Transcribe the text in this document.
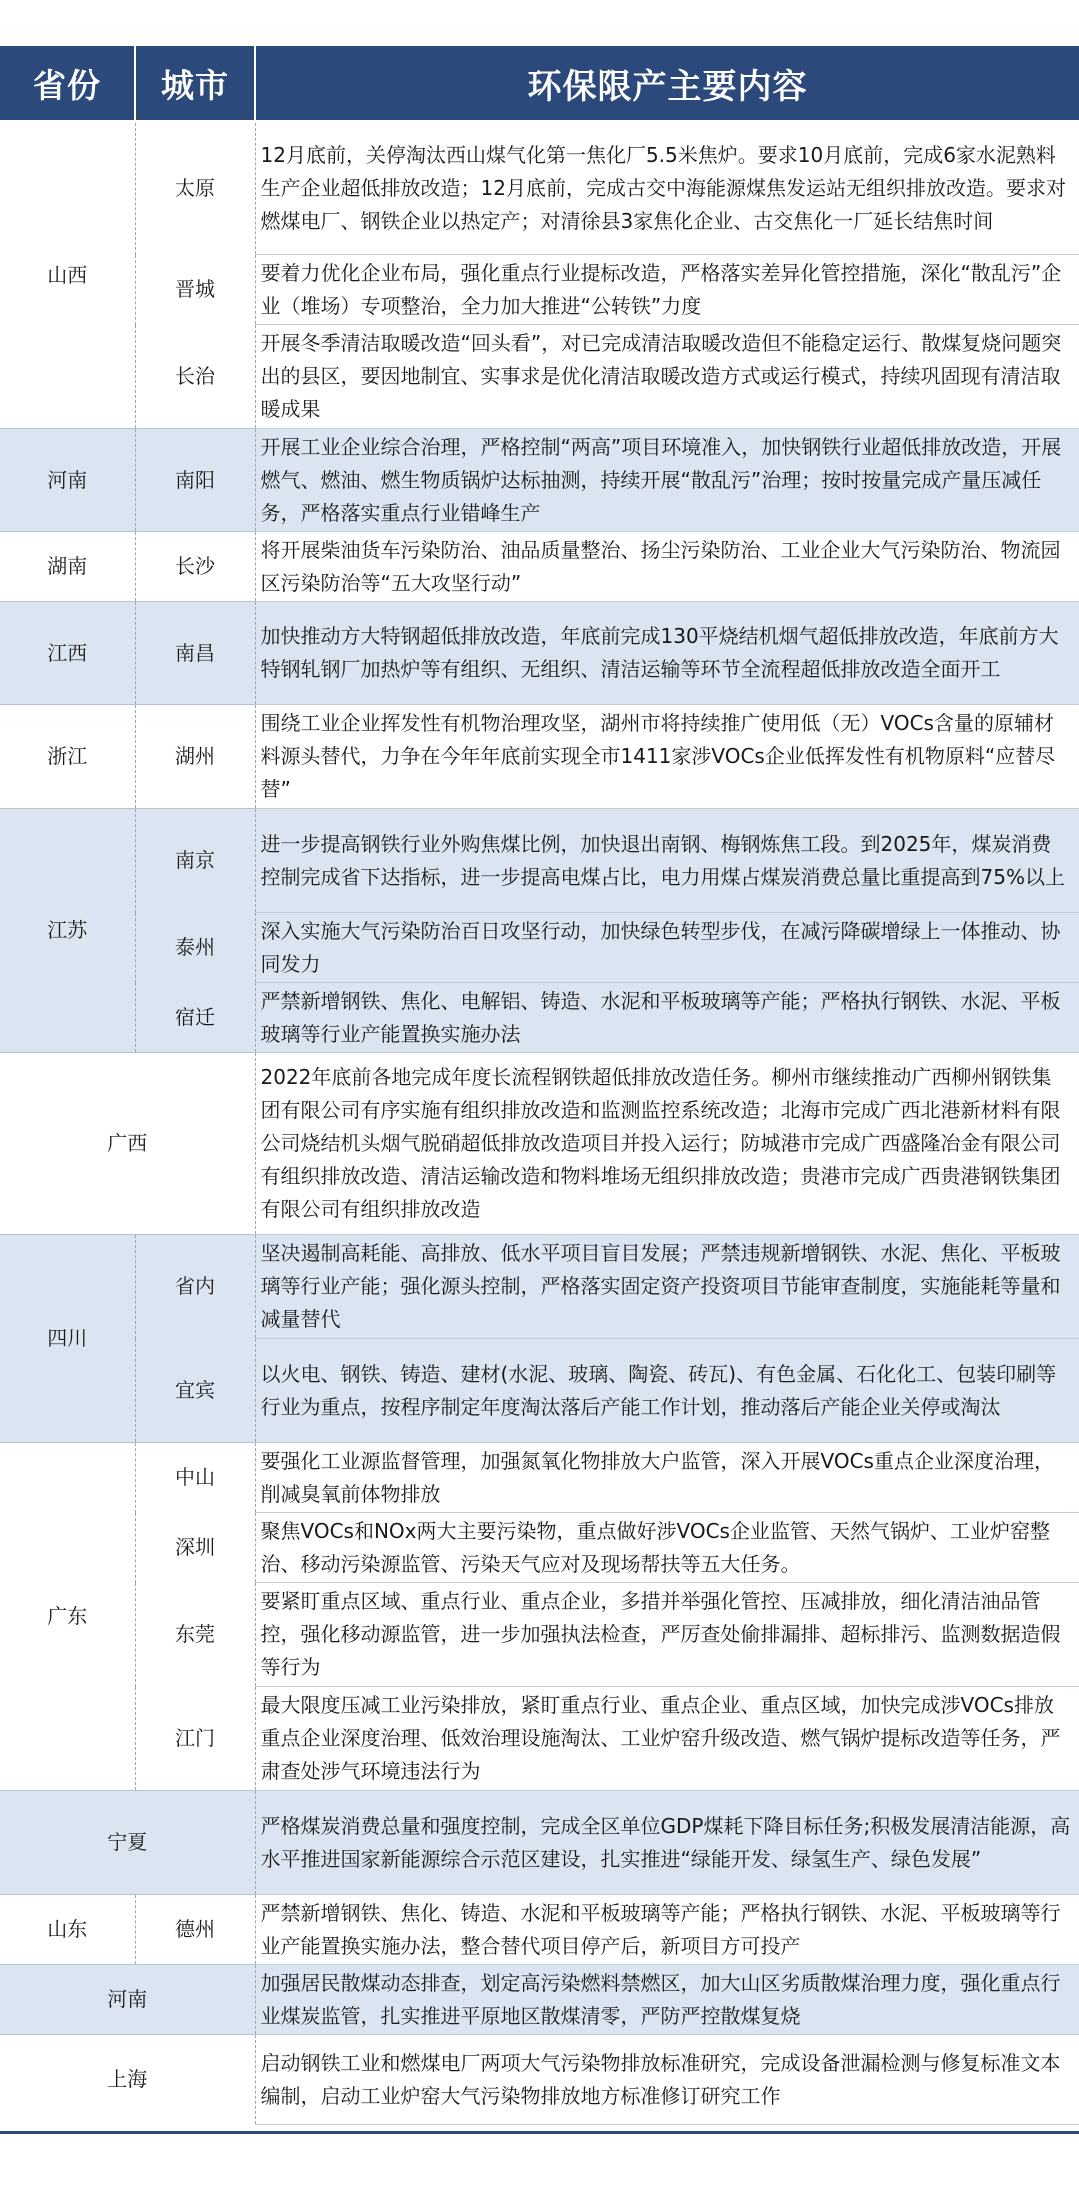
省份	城市	环保限产主要内容
山西	太原	12月底前，关停淘汰西山煤气化第一焦化厂5.5米焦炉。要求10月底前，完成6家水泥熟料生产企业超低排放改造；12月底前，完成古交中海能源煤焦发运站无组织排放改造。要求对燃煤电厂、钢铁企业以热定产；对清徐县3家焦化企业、古交焦化一厂延长结焦时间
	晋城	要着力优化企业布局，强化重点行业提标改造，严格落实差异化管控措施，深化“散乱污”企业（堆场）专项整治，全力加大推进“公转铁”力度
	长治	开展冬季清洁取暖改造“回头看”，对已完成清洁取暖改造但不能稳定运行、散煤复烧问题突出的县区，要因地制宜、实事求是优化清洁取暖改造方式或运行模式，持续巩固现有清洁取暖成果
河南	南阳	开展工业企业综合治理，严格控制“两高”项目环境准入，加快钢铁行业超低排放改造，开展燃气、燃油、燃生物质锅炉达标抽测，持续开展“散乱污”治理；按时按量完成产量压减任务，严格落实重点行业错峰生产
湖南	长沙	将开展柴油货车污染防治、油品质量整治、扬尘污染防治、工业企业大气污染防治、物流园区污染防治等“五大攻坚行动”
江西	南昌	加快推动方大特钢超低排放改造，年底前完成130平烧结机烟气超低排放改造，年底前方大特钢轧钢厂加热炉等有组织、无组织、清洁运输等环节全流程超低排放改造全面开工
浙江	湖州	围绕工业企业挥发性有机物治理攻坚，湖州市将持续推广使用低（无）VOCs含量的原辅材料源头替代，力争在今年年底前实现全市1411家涉VOCs企业低挥发性有机物原料“应替尽替”
江苏	南京	进一步提高钢铁行业外购焦煤比例，加快退出南钢、梅钢炼焦工段。到2025年，煤炭消费控制完成省下达指标，进一步提高电煤占比，电力用煤占煤炭消费总量比重提高到75%以上
	泰州	深入实施大气污染防治百日攻坚行动，加快绿色转型步伐，在减污降碳增绿上一体推动、协同发力
	宿迁	严禁新增钢铁、焦化、电解铝、铸造、水泥和平板玻璃等产能；严格执行钢铁、水泥、平板玻璃等行业产能置换实施办法
广西		2022年底前各地完成年度长流程钢铁超低排放改造任务。柳州市继续推动广西柳州钢铁集团有限公司有序实施有组织排放改造和监测监控系统改造；北海市完成广西北港新材料有限公司烧结机头烟气脱硝超低排放改造项目并投入运行；防城港市完成广西盛隆冶金有限公司有组织排放改造、清洁运输改造和物料堆场无组织排放改造；贵港市完成广西贵港钢铁集团有限公司有组织排放改造
四川	省内	坚决遏制高耗能、高排放、低水平项目盲目发展；严禁违规新增钢铁、水泥、焦化、平板玻璃等行业产能；强化源头控制，严格落实固定资产投资项目节能审查制度，实施能耗等量和减量替代
	宜宾	以火电、钢铁、铸造、建材(水泥、玻璃、陶瓷、砖瓦)、有色金属、石化化工、包装印刷等行业为重点，按程序制定年度淘汰落后产能工作计划，推动落后产能企业关停或淘汰
广东	中山	要强化工业源监督管理，加强氮氧化物排放大户监管，深入开展VOCs重点企业深度治理，削减臭氧前体物排放
	深圳	聚焦VOCs和NOx两大主要污染物，重点做好涉VOCs企业监管、天然气锅炉、工业炉窑整治、移动污染源监管、污染天气应对及现场帮扶等五大任务。
	东莞	要紧盯重点区域、重点行业、重点企业，多措并举强化管控、压减排放，细化清洁油品管控，强化移动源监管，进一步加强执法检查，严厉查处偷排漏排、超标排污、监测数据造假等行为
	江门	最大限度压减工业污染排放，紧盯重点行业、重点企业、重点区域，加快完成涉VOCs排放重点企业深度治理、低效治理设施淘汰、工业炉窑升级改造、燃气锅炉提标改造等任务，严肃查处涉气环境违法行为
宁夏		严格煤炭消费总量和强度控制，完成全区单位GDP煤耗下降目标任务;积极发展清洁能源，高水平推进国家新能源综合示范区建设，扎实推进“绿能开发、绿氢生产、绿色发展”
山东	德州	严禁新增钢铁、焦化、铸造、水泥和平板玻璃等产能；严格执行钢铁、水泥、平板玻璃等行业产能置换实施办法，整合替代项目停产后，新项目方可投产
河南		加强居民散煤动态排查，划定高污染燃料禁燃区，加大山区劣质散煤治理力度，强化重点行业煤炭监管，扎实推进平原地区散煤清零，严防严控散煤复烧
上海		启动钢铁工业和燃煤电厂两项大气污染物排放标准研究，完成设备泄漏检测与修复标准文本编制，启动工业炉窑大气污染物排放地方标准修订研究工作
